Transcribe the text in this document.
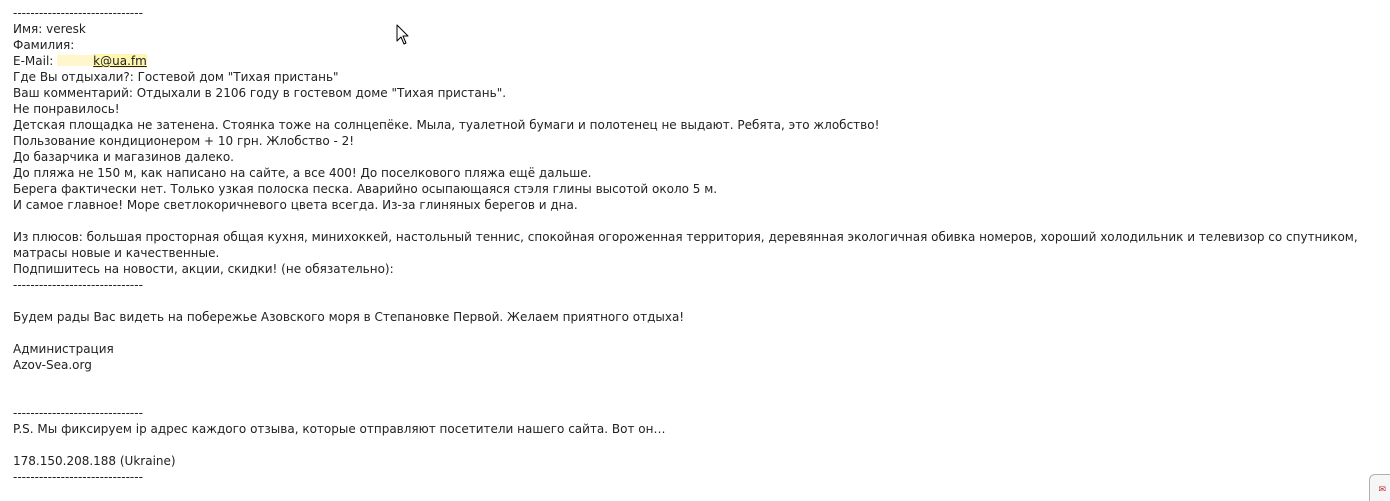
------------------------------
Имя: veresk
Фамилия:
E-Mail:	k@ua.fm
Где Вы отдыхали?: Гостевой дом "Тихая пристань"
Ваш комментарий: Отдыхали в 2106 году в гостевом доме "Тихая пристань".
Не понравилось!
Детская площадка не затенена. Стоянка тоже на солнцепёке. Мыла, туалетной бумаги и полотенец не выдают. Ребята, это жлобство!
Пользование кондиционером + 10 грн. Жлобство - 2!
До базарчика и магазинов далеко.
До пляжа не 150 м, как написано на сайте, а все 400! До поселкового пляжа ещё дальше.
Берега фактически нет. Только узкая полоска песка. Аварийно осыпающаяся стэля глины высотой около 5 м.
И самое главное! Море светлокоричневого цвета всегда. Из-за глиняных берегов и дна.
Из плюсов: большая просторная общая кухня, минихоккей, настольный теннис, спокойная огороженная территория, деревянная экологичная обивка номеров, хороший холодильник и телевизор со спутником, матрасы новые и качественные.
Подпишитесь на новости, акции, скидки! (не обязательно):
------------------------------
Будем рады Вас видеть на побережье Азовского моря в Степановке Первой. Желаем приятного отдыха!
Администрация
Azov-Sea.org
------------------------------
P.S. Мы фиксируем ip адрес каждого отзыва, которые отправляют посетители нашего сайта. Вот он…
178.150.208.188 (Ukraine)
------------------------------
✉
